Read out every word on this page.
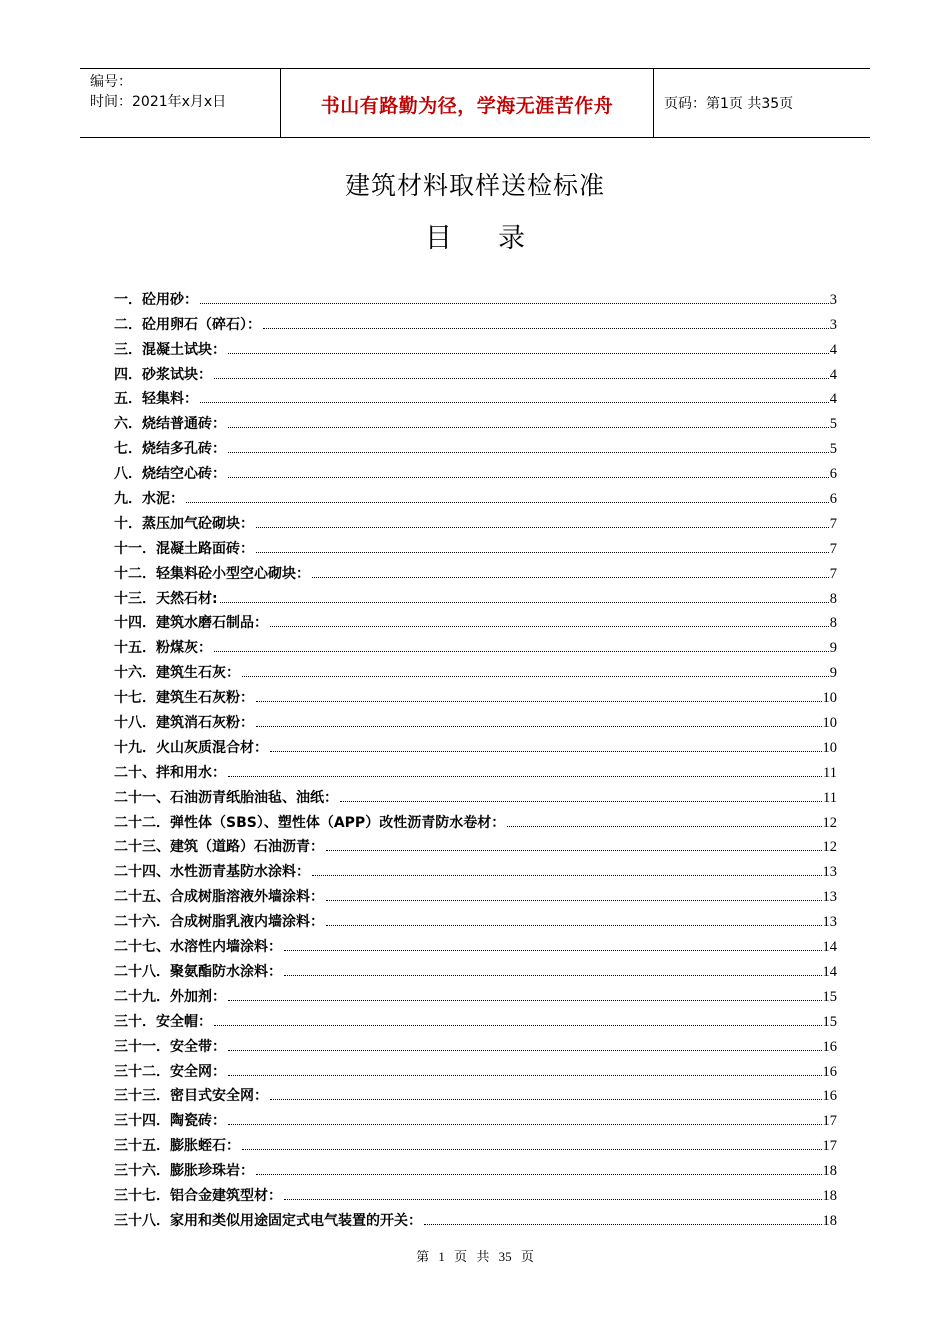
编号：
时间：2021年x月x日	书山有路勤为径，学海无涯苦作舟	页码：第1页 共35页
建筑材料取样送检标准
目 录
一．砼用砂：	3
二．砼用卵石（碎石）：	3
三．混凝土试块：	4
四．砂浆试块：	4
五．轻集料：	4
六．烧结普通砖：	5
七．烧结多孔砖：	5
八．烧结空心砖：	6
九．水泥：	6
十．蒸压加气砼砌块：	7
十一．混凝土路面砖：	7
十二．轻集料砼小型空心砌块：	7
十三．天然石材:	8
十四．建筑水磨石制品：	8
十五．粉煤灰：	9
十六．建筑生石灰：	9
十七．建筑生石灰粉：	10
十八．建筑消石灰粉：	10
十九．火山灰质混合材：	10
二十、拌和用水：	11
二十一、石油沥青纸胎油毡、油纸：	11
二十二．弹性体（SBS）、塑性体（APP）改性沥青防水卷材：	12
二十三、建筑（道路）石油沥青：	12
二十四、水性沥青基防水涂料：	13
二十五、合成树脂溶液外墙涂料：	13
二十六．合成树脂乳液内墙涂料：	13
二十七、水溶性内墙涂料：	14
二十八．聚氨酯防水涂料：	14
二十九．外加剂：	15
三十．安全帽：	15
三十一．安全带：	16
三十二．安全网：	16
三十三．密目式安全网：	16
三十四．陶瓷砖：	17
三十五．膨胀蛭石：	17
三十六．膨胀珍珠岩：	18
三十七．铝合金建筑型材：	18
三十八．家用和类似用途固定式电气装置的开关：	18
第 1 页 共 35 页
